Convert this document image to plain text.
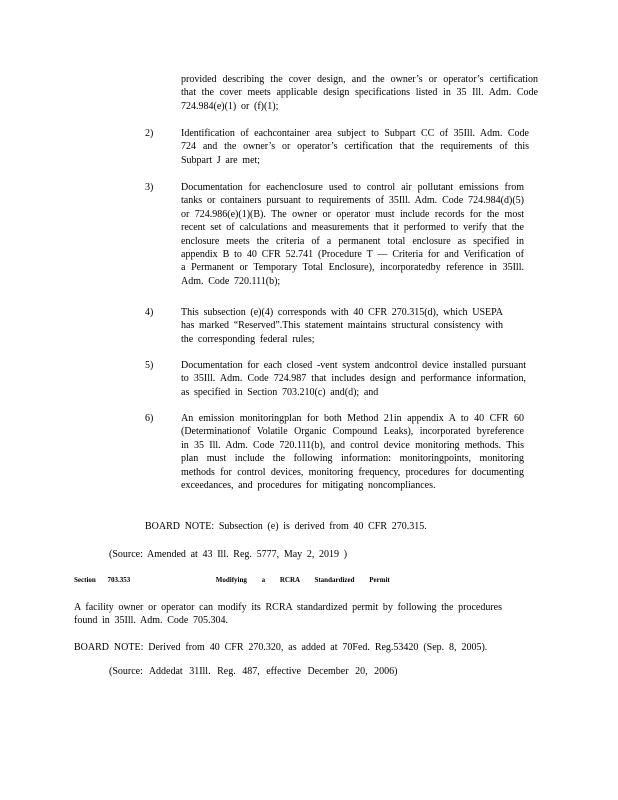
provided describing the cover design, and the owner’s or operator’s certification that the cover meets applicable design specifications listed in 35 Ill. Adm. Code 724.984(e)(1) or (f)(1);

2)	Identification of eachcontainer area subject to Subpart CC of 35Ill. Adm. Code 724 and the owner’s or operator’s certification that the requirements of this Subpart J are met;

3)	Documentation for eachenclosure used to control air pollutant emissions from tanks or containers pursuant to requirements of 35Ill. Adm. Code 724.984(d)(5) or 724.986(e)(1)(B). The owner or operator must include records for the most recent set of calculations and measurements that it performed to verify that the enclosure meets the criteria of a permanent total enclosure as specified in appendix B to 40 CFR 52.741 (Procedure T — Criteria for and Verification of a Permanent or Temporary Total Enclosure), incorporatedby reference in 35Ill. Adm. Code 720.111(b);

4)	This subsection (e)(4) corresponds with 40 CFR 270.315(d), which USEPA has marked “Reserved”.This statement maintains structural consistency with the corresponding federal rules;

5)	Documentation for each closed -vent system andcontrol device installed pursuant to 35Ill. Adm. Code 724.987 that includes design and performance information, as specified in Section 703.210(c) and(d); and

6)	An emission monitoringplan for both Method 21in appendix A to 40 CFR 60 (Determinationof Volatile Organic Compound Leaks), incorporated byreference in 35 Ill. Adm. Code 720.111(b), and control device monitoring methods. This plan must include the following information: monitoringpoints, monitoring methods for control devices, monitoring frequency, procedures for documenting exceedances, and procedures for mitigating noncompliances.

BOARD NOTE: Subsection (e) is derived from 40 CFR 270.315.

(Source: Amended at 43 Ill. Reg. 5777, May 2, 2019 )

Section 703.353	Modifying a RCRA Standardized Permit

A facility owner or operator can modify its RCRA standardized permit by following the procedures found in 35Ill. Adm. Code 705.304.

BOARD NOTE: Derived from 40 CFR 270.320, as added at 70Fed. Reg.53420 (Sep. 8, 2005).

(Source: Addedat 31Ill. Reg. 487, effective December 20, 2006)
